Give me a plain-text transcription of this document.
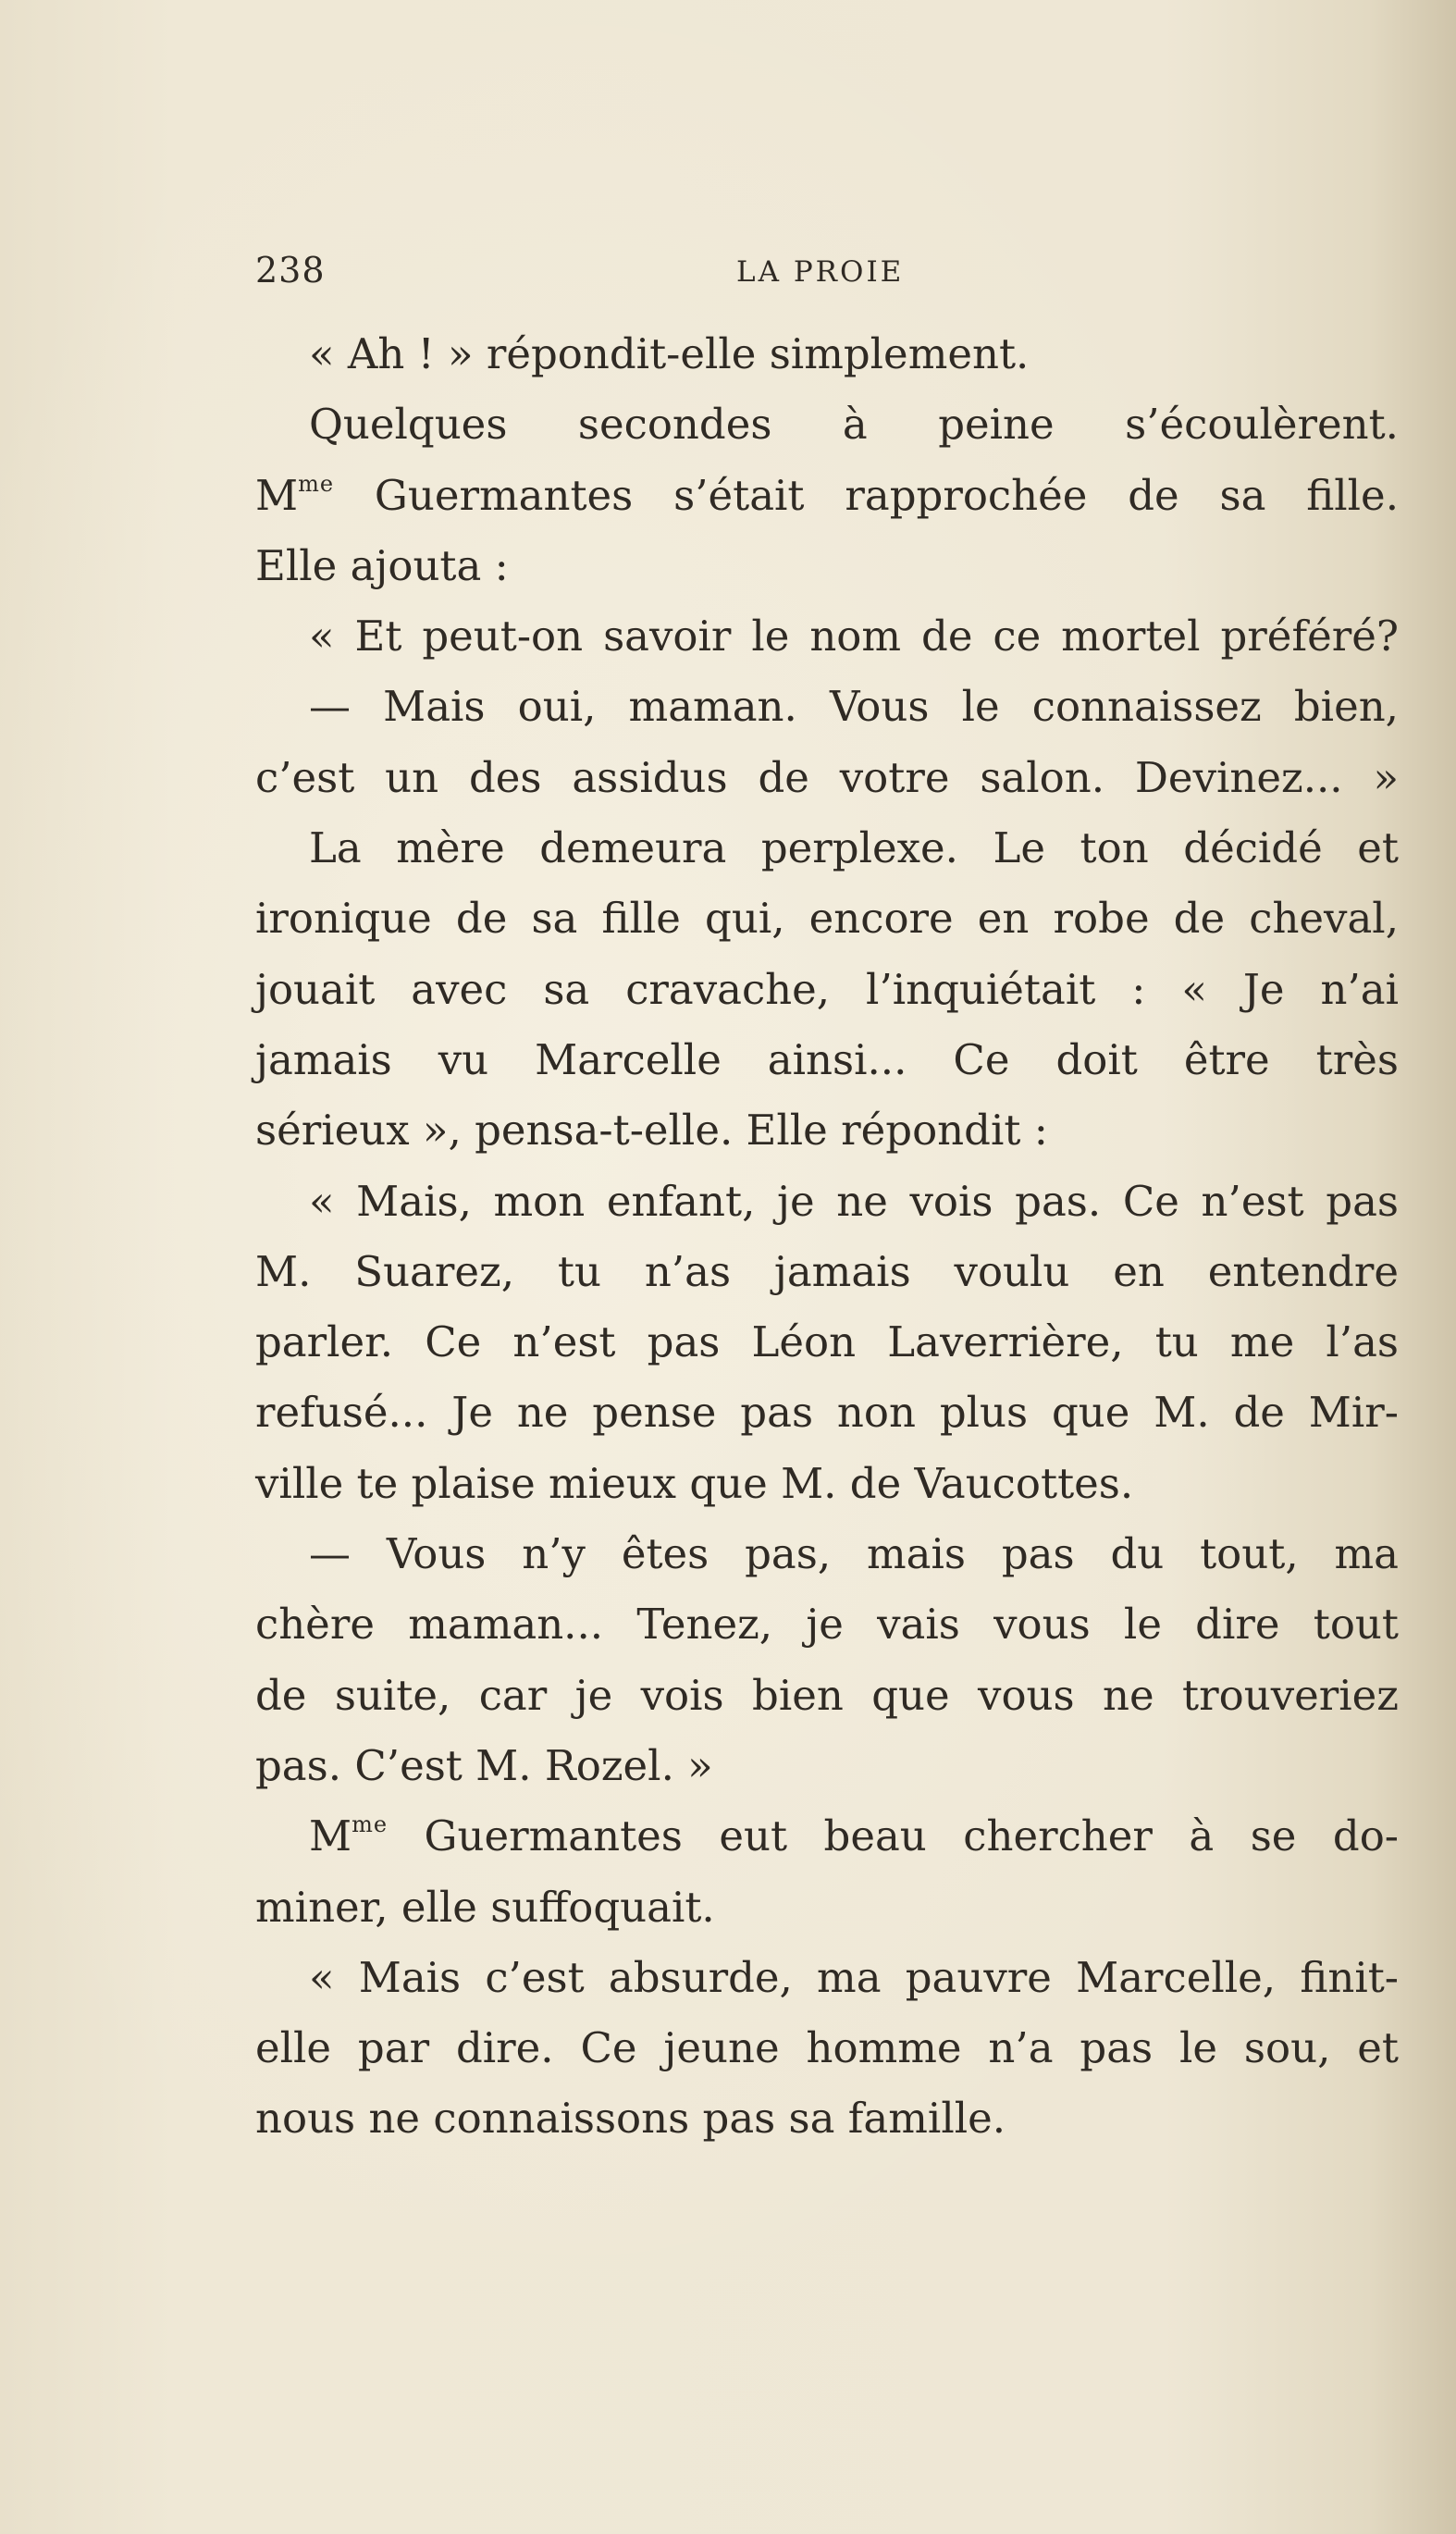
238	LA PROIE
« Ah ! » répondit-elle simplement.
Quelques secondes à peine s’écoulèrent.
$M^{me}$ Guermantes s’était rapprochée de sa fille.
Elle ajouta :
« Et peut-on savoir le nom de ce mortel préféré?
— Mais oui, maman. Vous le connaissez bien,
c’est un des assidus de votre salon. Devinez... »
La mère demeura perplexe. Le ton décidé et
ironique de sa fille qui, encore en robe de cheval,
jouait avec sa cravache, l’inquiétait : « Je n’ai
jamais vu Marcelle ainsi... Ce doit être très
sérieux », pensa-t-elle. Elle répondit :
« Mais, mon enfant, je ne vois pas. Ce n’est pas
M. Suarez, tu n’as jamais voulu en entendre
parler. Ce n’est pas Léon Laverrière, tu me l’as
refusé... Je ne pense pas non plus que M. de Mir-
ville te plaise mieux que M. de Vaucottes.
— Vous n’y êtes pas, mais pas du tout, ma
chère maman... Tenez, je vais vous le dire tout
de suite, car je vois bien que vous ne trouveriez
pas. C’est M. Rozel. »
$M^{me}$ Guermantes eut beau chercher à se do-
miner, elle suffoquait.
« Mais c’est absurde, ma pauvre Marcelle, finit-
elle par dire. Ce jeune homme n’a pas le sou, et
nous ne connaissons pas sa famille.
